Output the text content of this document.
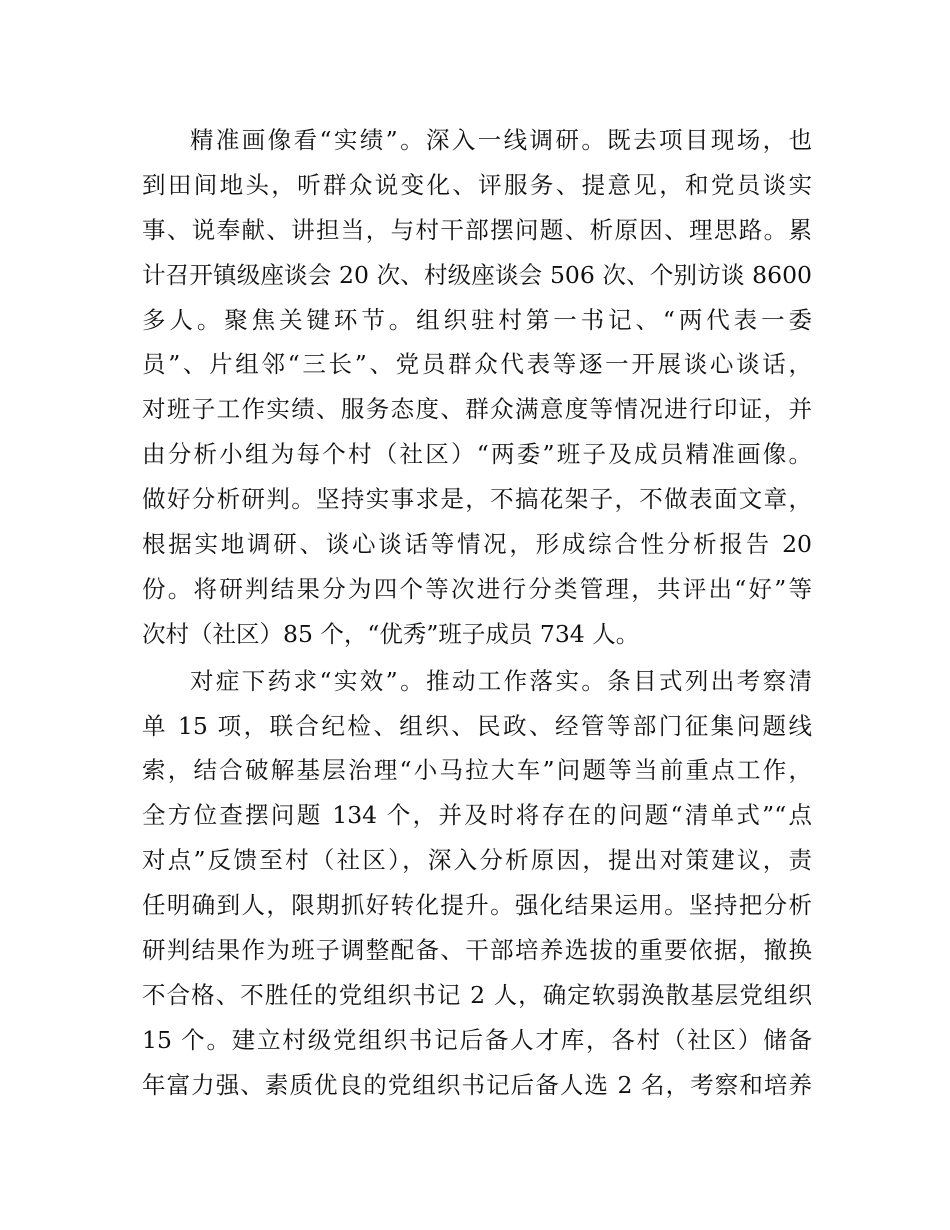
精准画像看“实绩”。深入一线调研。既去项目现场，也
到田间地头，听群众说变化、评服务、提意见，和党员谈实
事、说奉献、讲担当，与村干部摆问题、析原因、理思路。累
计召开镇级座谈会 20 次、村级座谈会 506 次、个别访谈 8600
多人。聚焦关键环节。组织驻村第一书记、“两代表一委
员”、片组邻“三长”、党员群众代表等逐一开展谈心谈话，
对班子工作实绩、服务态度、群众满意度等情况进行印证，并
由分析小组为每个村（社区）“两委”班子及成员精准画像。
做好分析研判。坚持实事求是，不搞花架子，不做表面文章，
根据实地调研、谈心谈话等情况，形成综合性分析报告 20
份。将研判结果分为四个等次进行分类管理，共评出“好”等
次村（社区）85 个，“优秀”班子成员 734 人。
对症下药求“实效”。推动工作落实。条目式列出考察清
单 15 项，联合纪检、组织、民政、经管等部门征集问题线
索，结合破解基层治理“小马拉大车”问题等当前重点工作，
全方位查摆问题 134 个，并及时将存在的问题“清单式”“点
对点”反馈至村（社区），深入分析原因，提出对策建议，责
任明确到人，限期抓好转化提升。强化结果运用。坚持把分析
研判结果作为班子调整配备、干部培养选拔的重要依据，撤换
不合格、不胜任的党组织书记 2 人，确定软弱涣散基层党组织
15 个。建立村级党组织书记后备人才库，各村（社区）储备
年富力强、素质优良的党组织书记后备人选 2 名，考察和培养
